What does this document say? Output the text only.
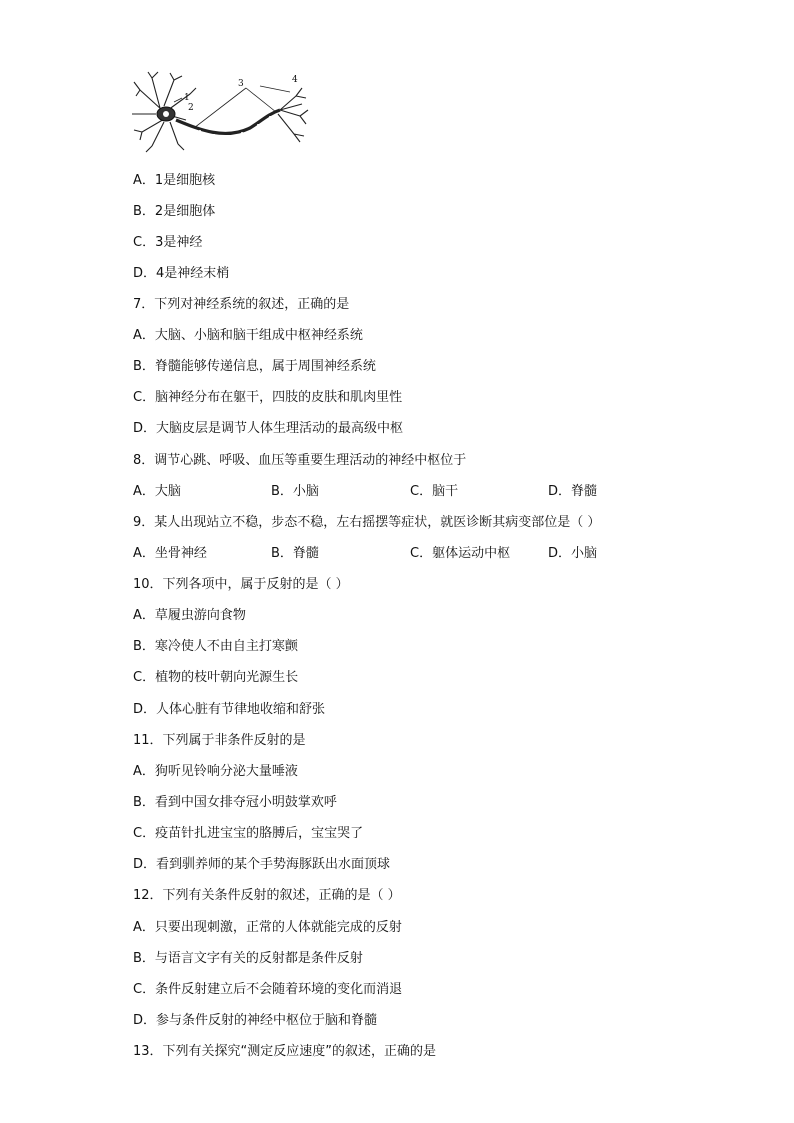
1
2
3	4
A．1是细胞核
B．2是细胞体
C．3是神经
D．4是神经末梢
7．下列对神经系统的叙述，正确的是
A．大脑、小脑和脑干组成中枢神经系统
B．脊髓能够传递信息，属于周围神经系统
C．脑神经分布在躯干，四肢的皮肤和肌肉里性
D．大脑皮层是调节人体生理活动的最高级中枢
8．调节心跳、呼吸、血压等重要生理活动的神经中枢位于
A．大脑	B．小脑	C．脑干	D．脊髓
9．某人出现站立不稳，步态不稳，左右摇摆等症状，就医诊断其病变部位是（ ）
A．坐骨神经	B．脊髓	C．躯体运动中枢	D．小脑
10．下列各项中，属于反射的是（ ）
A．草履虫游向食物
B．寒冷使人不由自主打寒颤
C．植物的枝叶朝向光源生长
D．人体心脏有节律地收缩和舒张
11．下列属于非条件反射的是
A．狗听见铃响分泌大量唾液
B．看到中国女排夺冠小明鼓掌欢呼
C．疫苗针扎进宝宝的胳膊后，宝宝哭了
D．看到驯养师的某个手势海豚跃出水面顶球
12．下列有关条件反射的叙述，正确的是（ ）
A．只要出现刺激，正常的人体就能完成的反射
B．与语言文字有关的反射都是条件反射
C．条件反射建立后不会随着环境的变化而消退
D．参与条件反射的神经中枢位于脑和脊髓
13．下列有关探究“测定反应速度”的叙述，正确的是
